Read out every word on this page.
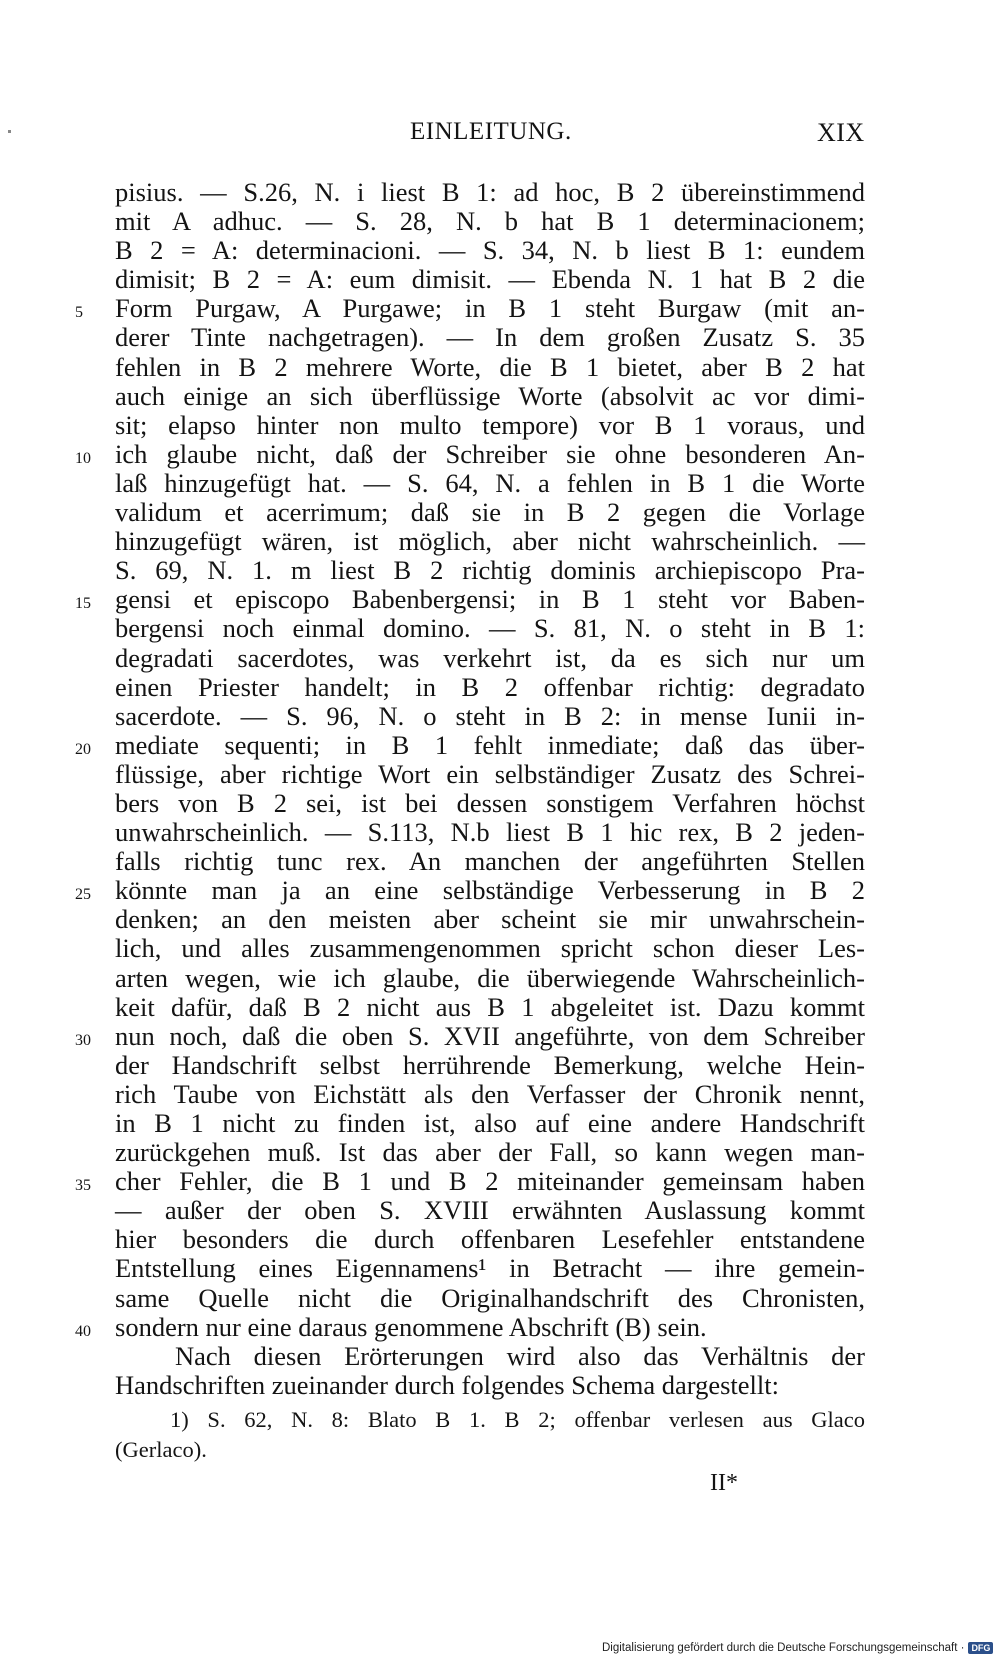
EINLEITUNG.	XIX
pisius. — S.26, N. i liest B 1: ad hoc, B 2 übereinstimmend
mit A adhuc. — S. 28, N. b hat B 1 determinacionem;
B 2 = A: determinacioni. — S. 34, N. b liest B 1: eundem
dimisit; B 2 = A: eum dimisit. — Ebenda N. 1 hat B 2 die
5 Form Purgaw, A Purgawe; in B 1 steht Burgaw (mit an-
derer Tinte nachgetragen). — In dem großen Zusatz S. 35
fehlen in B 2 mehrere Worte, die B 1 bietet, aber B 2 hat
auch einige an sich überflüssige Worte (absolvit ac vor dimi-
sit; elapso hinter non multo tempore) vor B 1 voraus, und
10 ich glaube nicht, daß der Schreiber sie ohne besonderen An-
laß hinzugefügt hat. — S. 64, N. a fehlen in B 1 die Worte
validum et acerrimum; daß sie in B 2 gegen die Vorlage
hinzugefügt wären, ist möglich, aber nicht wahrscheinlich. —
S. 69, N. 1. m liest B 2 richtig dominis archiepiscopo Pra-
15 gensi et episcopo Babenbergensi; in B 1 steht vor Baben-
bergensi noch einmal domino. — S. 81, N. o steht in B 1:
degradati sacerdotes, was verkehrt ist, da es sich nur um
einen Priester handelt; in B 2 offenbar richtig: degradato
sacerdote. — S. 96, N. o steht in B 2: in mense Iunii in-
20 mediate sequenti; in B 1 fehlt inmediate; daß das über-
flüssige, aber richtige Wort ein selbständiger Zusatz des Schrei-
bers von B 2 sei, ist bei dessen sonstigem Verfahren höchst
unwahrscheinlich. — S.113, N.b liest B 1 hic rex, B 2 jeden-
falls richtig tunc rex. An manchen der angeführten Stellen
25 könnte man ja an eine selbständige Verbesserung in B 2
denken; an den meisten aber scheint sie mir unwahrschein-
lich, und alles zusammengenommen spricht schon dieser Les-
arten wegen, wie ich glaube, die überwiegende Wahrscheinlich-
keit dafür, daß B 2 nicht aus B 1 abgeleitet ist. Dazu kommt
30 nun noch, daß die oben S. XVII angeführte, von dem Schreiber
der Handschrift selbst herrührende Bemerkung, welche Hein-
rich Taube von Eichstätt als den Verfasser der Chronik nennt,
in B 1 nicht zu finden ist, also auf eine andere Handschrift
zurückgehen muß. Ist das aber der Fall, so kann wegen man-
35 cher Fehler, die B 1 und B 2 miteinander gemeinsam haben
— außer der oben S. XVIII erwähnten Auslassung kommt
hier besonders die durch offenbaren Lesefehler entstandene
Entstellung eines Eigennamens¹ in Betracht — ihre gemein-
same Quelle nicht die Originalhandschrift des Chronisten,
40 sondern nur eine daraus genommene Abschrift (B) sein.
Nach diesen Erörterungen wird also das Verhältnis der
Handschriften zueinander durch folgendes Schema dargestellt:
1) S. 62, N. 8: Blato B 1. B 2; offenbar verlesen aus Glaco
(Gerlaco).
II*
Digitalisierung gefördert durch die Deutsche Forschungsgemeinschaft · DFG
